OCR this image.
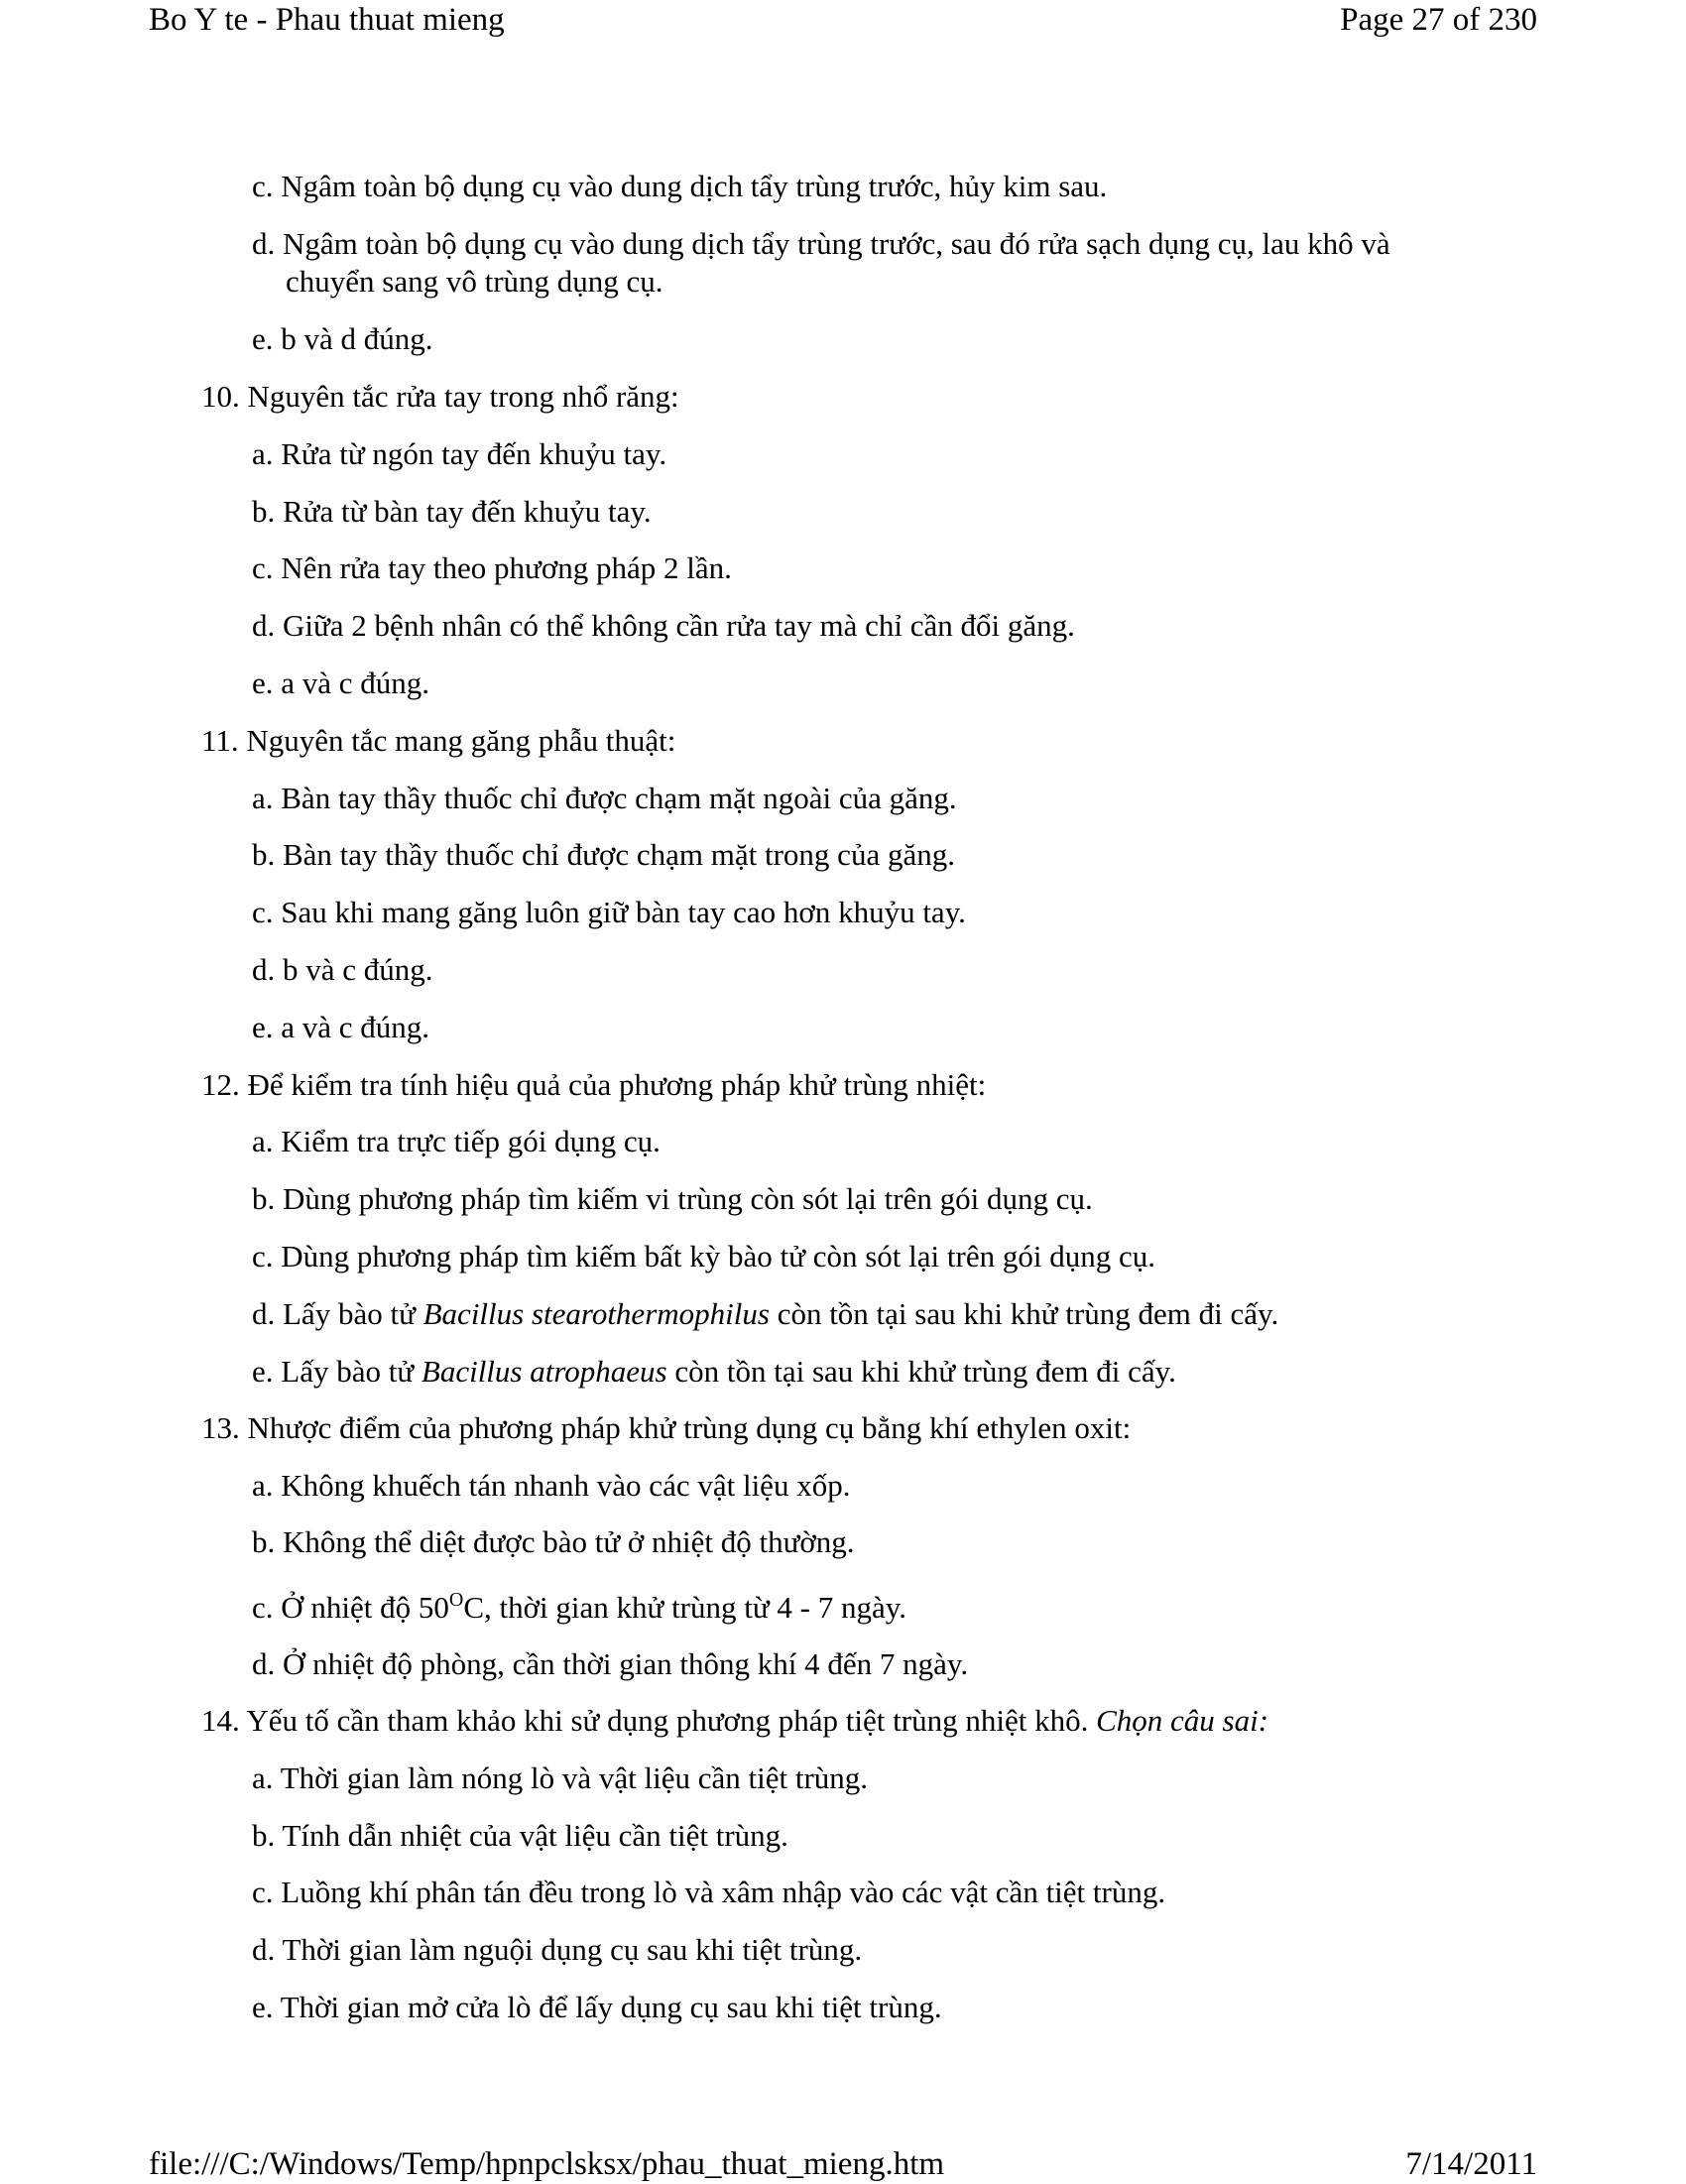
Bo Y te - Phau thuat mieng	Page 27 of 230
c. Ngâm toàn bộ dụng cụ vào dung dịch tẩy trùng trước, hủy kim sau.
d. Ngâm toàn bộ dụng cụ vào dung dịch tẩy trùng trước, sau đó rửa sạch dụng cụ, lau khô và
chuyển sang vô trùng dụng cụ.
e. b và d đúng.
10. Nguyên tắc rửa tay trong nhổ răng:
a. Rửa từ ngón tay đến khuỷu tay.
b. Rửa từ bàn tay đến khuỷu tay.
c. Nên rửa tay theo phương pháp 2 lần.
d. Giữa 2 bệnh nhân có thể không cần rửa tay mà chỉ cần đổi găng.
e. a và c đúng.
11. Nguyên tắc mang găng phẫu thuật:
a. Bàn tay thầy thuốc chỉ được chạm mặt ngoài của găng.
b. Bàn tay thầy thuốc chỉ được chạm mặt trong của găng.
c. Sau khi mang găng luôn giữ bàn tay cao hơn khuỷu tay.
d. b và c đúng.
e. a và c đúng.
12. Để kiểm tra tính hiệu quả của phương pháp khử trùng nhiệt:
a. Kiểm tra trực tiếp gói dụng cụ.
b. Dùng phương pháp tìm kiếm vi trùng còn sót lại trên gói dụng cụ.
c. Dùng phương pháp tìm kiếm bất kỳ bào tử còn sót lại trên gói dụng cụ.
d. Lấy bào tử Bacillus stearothermophilus còn tồn tại sau khi khử trùng đem đi cấy.
e. Lấy bào tử Bacillus atrophaeus còn tồn tại sau khi khử trùng đem đi cấy.
13. Nhược điểm của phương pháp khử trùng dụng cụ bằng khí ethylen oxit:
a. Không khuếch tán nhanh vào các vật liệu xốp.
b. Không thể diệt được bào tử ở nhiệt độ thường.
c. Ở nhiệt độ $50^OC$, thời gian khử trùng từ 4 - 7 ngày.
d. Ở nhiệt độ phòng, cần thời gian thông khí 4 đến 7 ngày.
14. Yếu tố cần tham khảo khi sử dụng phương pháp tiệt trùng nhiệt khô. Chọn câu sai:
a. Thời gian làm nóng lò và vật liệu cần tiệt trùng.
b. Tính dẫn nhiệt của vật liệu cần tiệt trùng.
c. Luồng khí phân tán đều trong lò và xâm nhập vào các vật cần tiệt trùng.
d. Thời gian làm nguội dụng cụ sau khi tiệt trùng.
e. Thời gian mở cửa lò để lấy dụng cụ sau khi tiệt trùng.
file:///C:/Windows/Temp/hpnpclsksx/phau_thuat_mieng.htm	7/14/2011
